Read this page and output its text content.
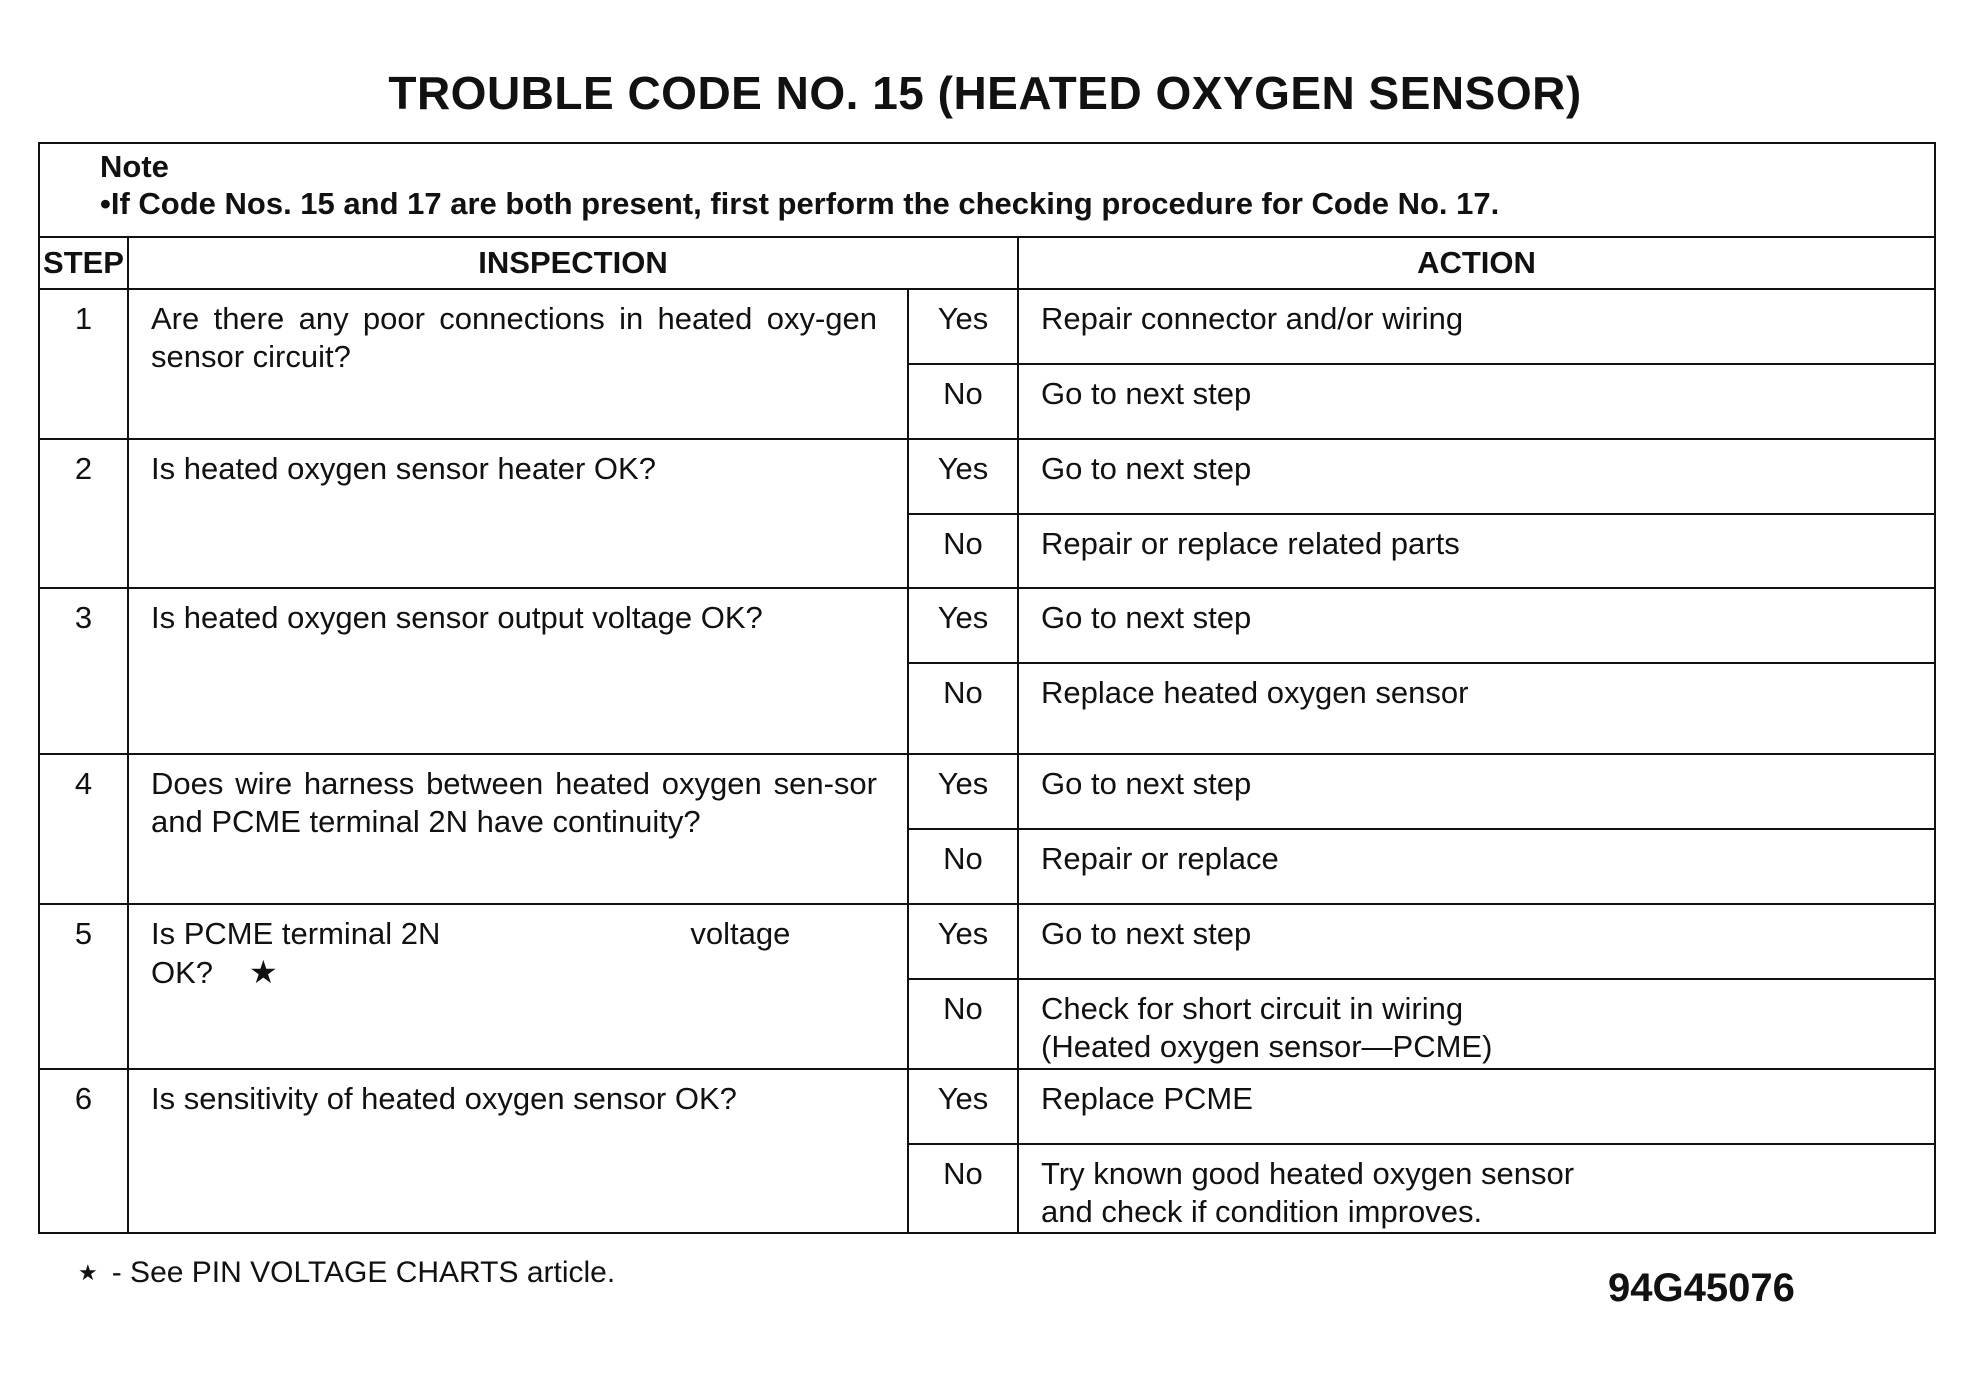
TROUBLE CODE NO. 15 (HEATED OXYGEN SENSOR)
Note
•If Code Nos. 15 and 17 are both present, first perform the checking procedure for Code No. 17.			

STEP	INSPECTION		ACTION
1	Are there any poor connections in heated oxy-gen sensor circuit?	Yes	Repair connector and/or wiring
		No	Go to next step
2	Is heated oxygen sensor heater OK?	Yes	Go to next step
		No	Repair or replace related parts
3	Is heated oxygen sensor output voltage OK?	Yes	Go to next step
		No	Replace heated oxygen sensor
4	Does wire harness between heated oxygen sen-sor and PCME terminal 2N have continuity?	Yes	Go to next step
		No	Repair or replace
5	Is PCME terminal 2N voltage
OK? ★	Yes	Go to next step
		No	Check for short circuit in wiring
(Heated oxygen sensor—PCME)
6	Is sensitivity of heated oxygen sensor OK?	Yes	Replace PCME
		No	Try known good heated oxygen sensor
and check if condition improves.
★ - See PIN VOLTAGE CHARTS article.	94G45076
